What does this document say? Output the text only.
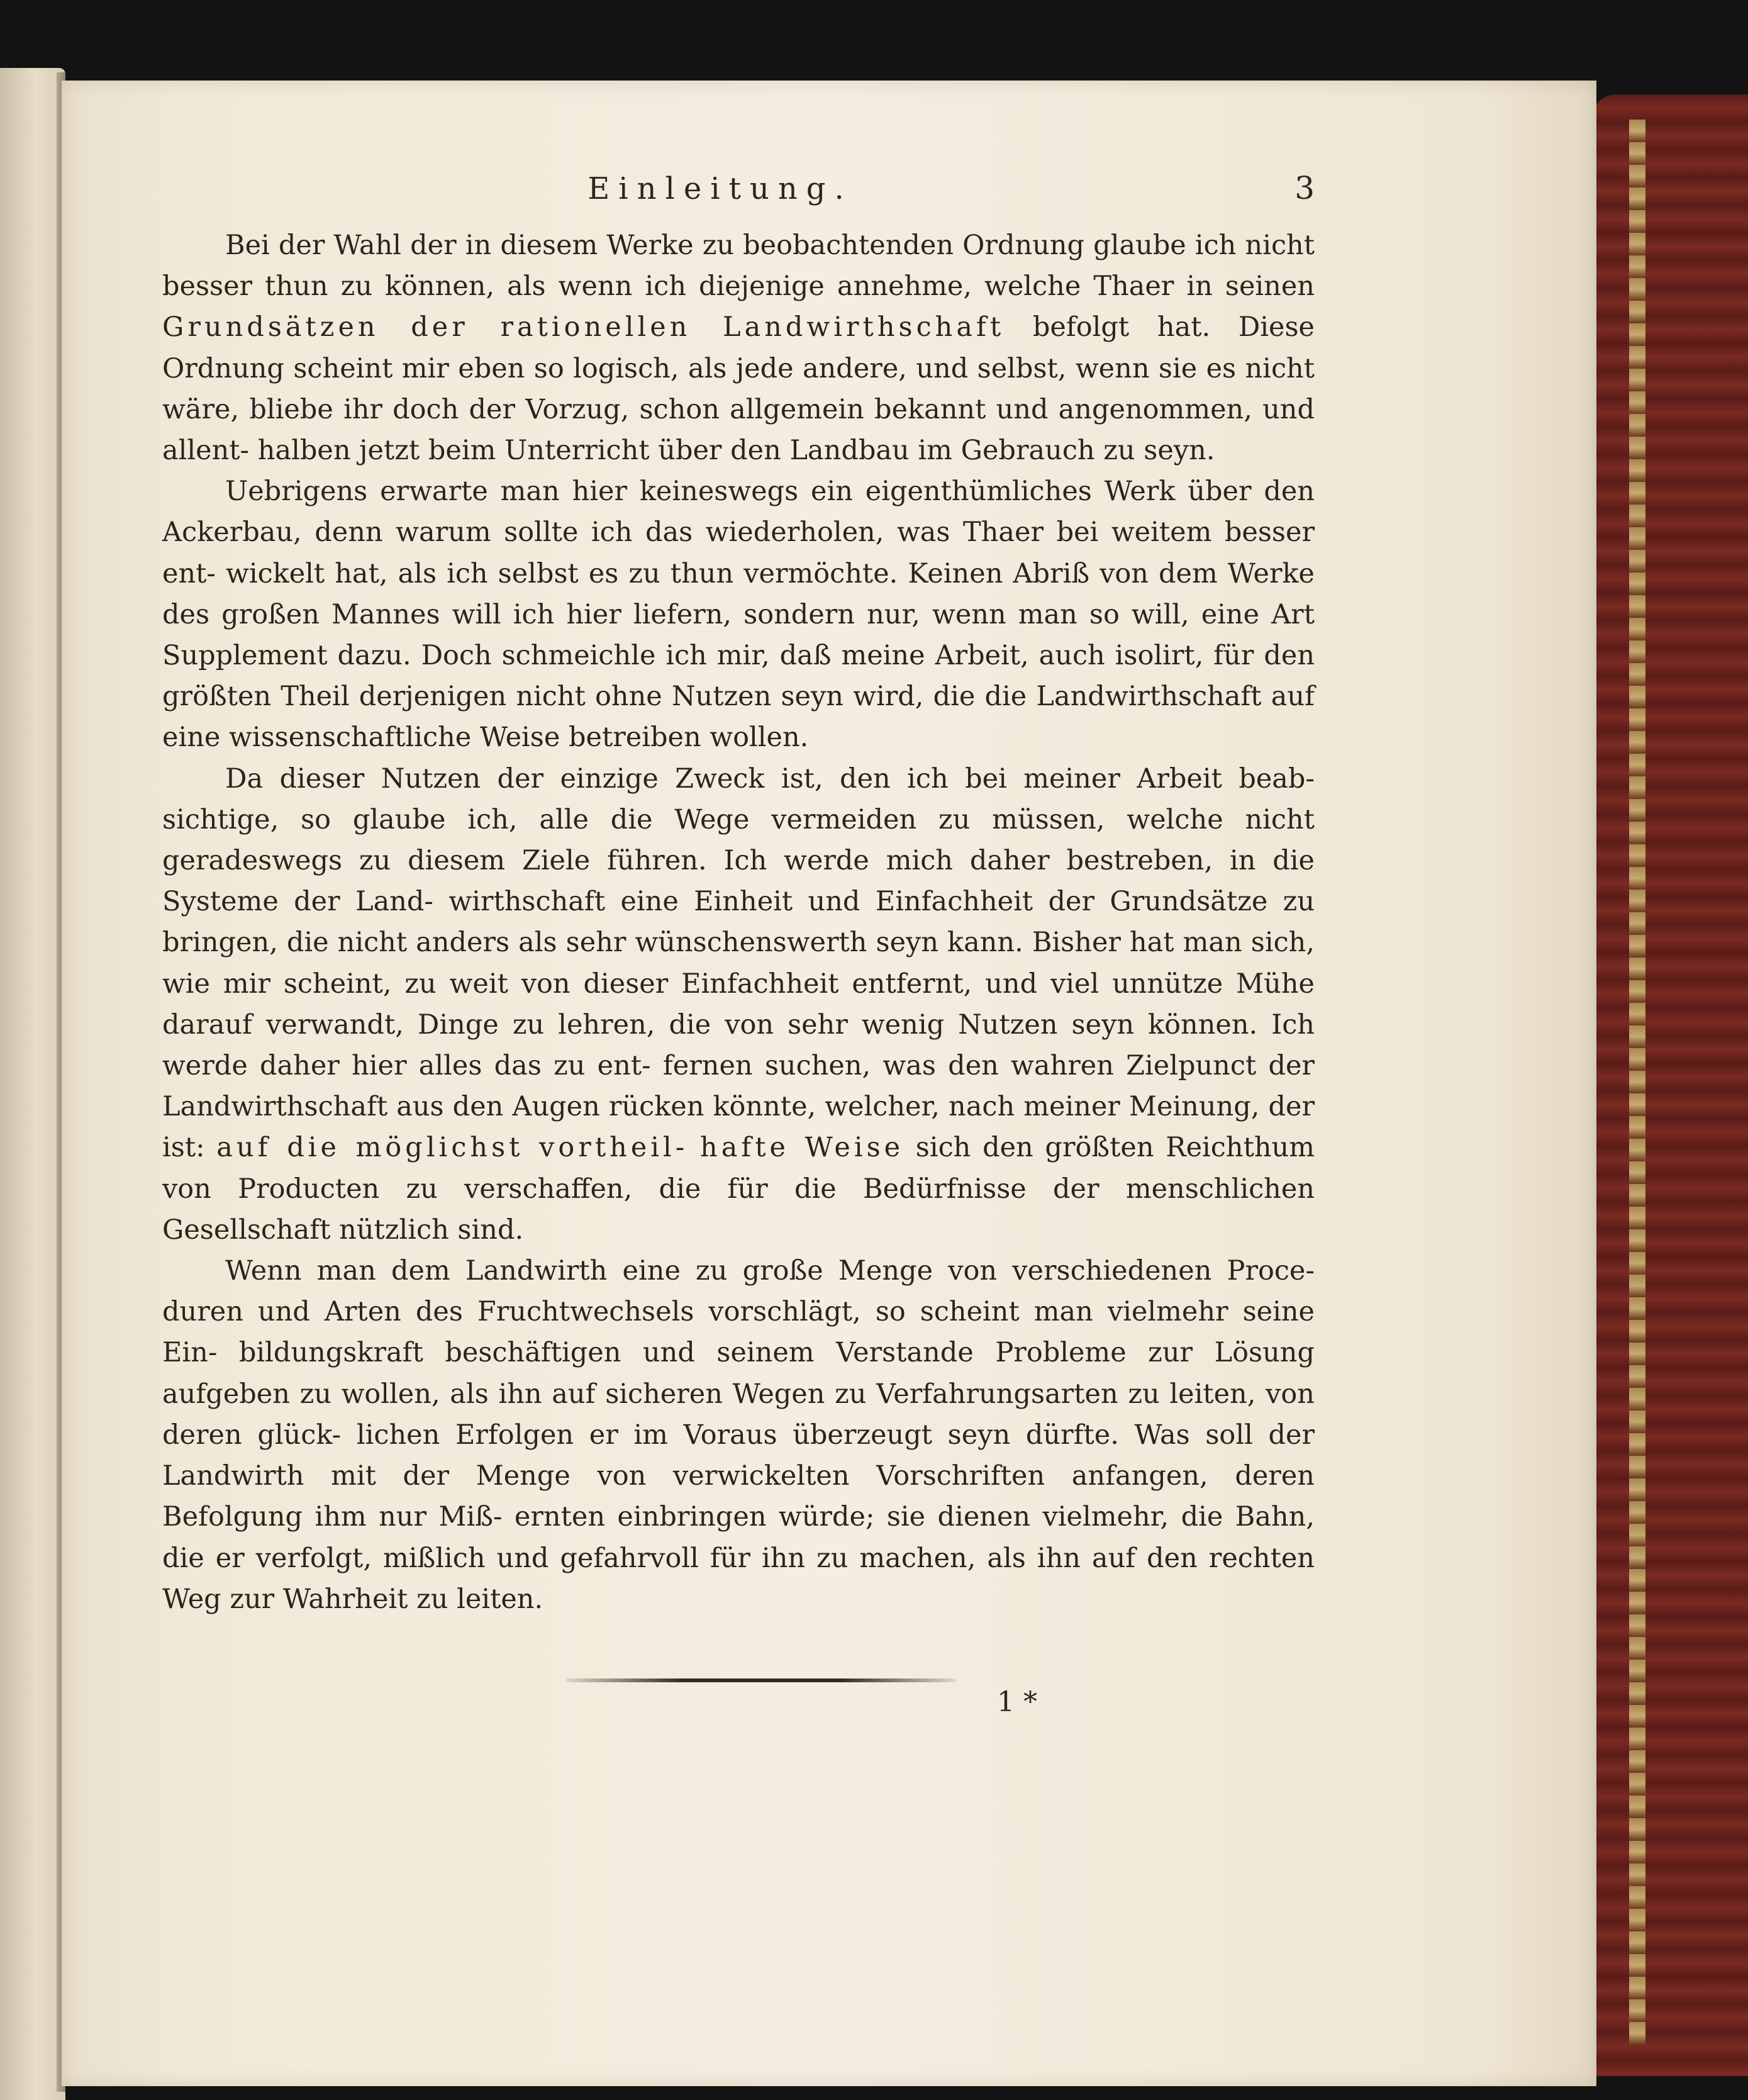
Einleitung.	3

Bei der Wahl der in diesem Werke zu beobachtenden Ordnung glaube ich nicht besser thun zu können, als wenn ich diejenige annehme, welche Thaer in seinen Grundsätzen der rationellen Landwirthschaft befolgt hat. Diese Ordnung scheint mir eben so logisch, als jede andere, und selbst, wenn sie es nicht wäre, bliebe ihr doch der Vorzug, schon allgemein bekannt und angenommen, und allent- halben jetzt beim Unterricht über den Landbau im Gebrauch zu seyn.

Uebrigens erwarte man hier keineswegs ein eigenthümliches Werk über den Ackerbau, denn warum sollte ich das wiederholen, was Thaer bei weitem besser ent- wickelt hat, als ich selbst es zu thun vermöchte. Keinen Abriß von dem Werke des großen Mannes will ich hier liefern, sondern nur, wenn man so will, eine Art Supplement dazu. Doch schmeichle ich mir, daß meine Arbeit, auch isolirt, für den größten Theil derjenigen nicht ohne Nutzen seyn wird, die die Landwirthschaft auf eine wissenschaftliche Weise betreiben wollen.

Da dieser Nutzen der einzige Zweck ist, den ich bei meiner Arbeit beab- sichtige, so glaube ich, alle die Wege vermeiden zu müssen, welche nicht geradeswegs zu diesem Ziele führen. Ich werde mich daher bestreben, in die Systeme der Land- wirthschaft eine Einheit und Einfachheit der Grundsätze zu bringen, die nicht anders als sehr wünschenswerth seyn kann. Bisher hat man sich, wie mir scheint, zu weit von dieser Einfachheit entfernt, und viel unnütze Mühe darauf verwandt, Dinge zu lehren, die von sehr wenig Nutzen seyn können. Ich werde daher hier alles das zu ent- fernen suchen, was den wahren Zielpunct der Landwirthschaft aus den Augen rücken könnte, welcher, nach meiner Meinung, der ist: auf die möglichst vortheil- hafte Weise sich den größten Reichthum von Producten zu verschaffen, die für die Bedürfnisse der menschlichen Gesellschaft nützlich sind.

Wenn man dem Landwirth eine zu große Menge von verschiedenen Proce- duren und Arten des Fruchtwechsels vorschlägt, so scheint man vielmehr seine Ein- bildungskraft beschäftigen und seinem Verstande Probleme zur Lösung aufgeben zu wollen, als ihn auf sicheren Wegen zu Verfahrungsarten zu leiten, von deren glück- lichen Erfolgen er im Voraus überzeugt seyn dürfte. Was soll der Landwirth mit der Menge von verwickelten Vorschriften anfangen, deren Befolgung ihm nur Miß- ernten einbringen würde; sie dienen vielmehr, die Bahn, die er verfolgt, mißlich und gefahrvoll für ihn zu machen, als ihn auf den rechten Weg zur Wahrheit zu leiten.

1 *
